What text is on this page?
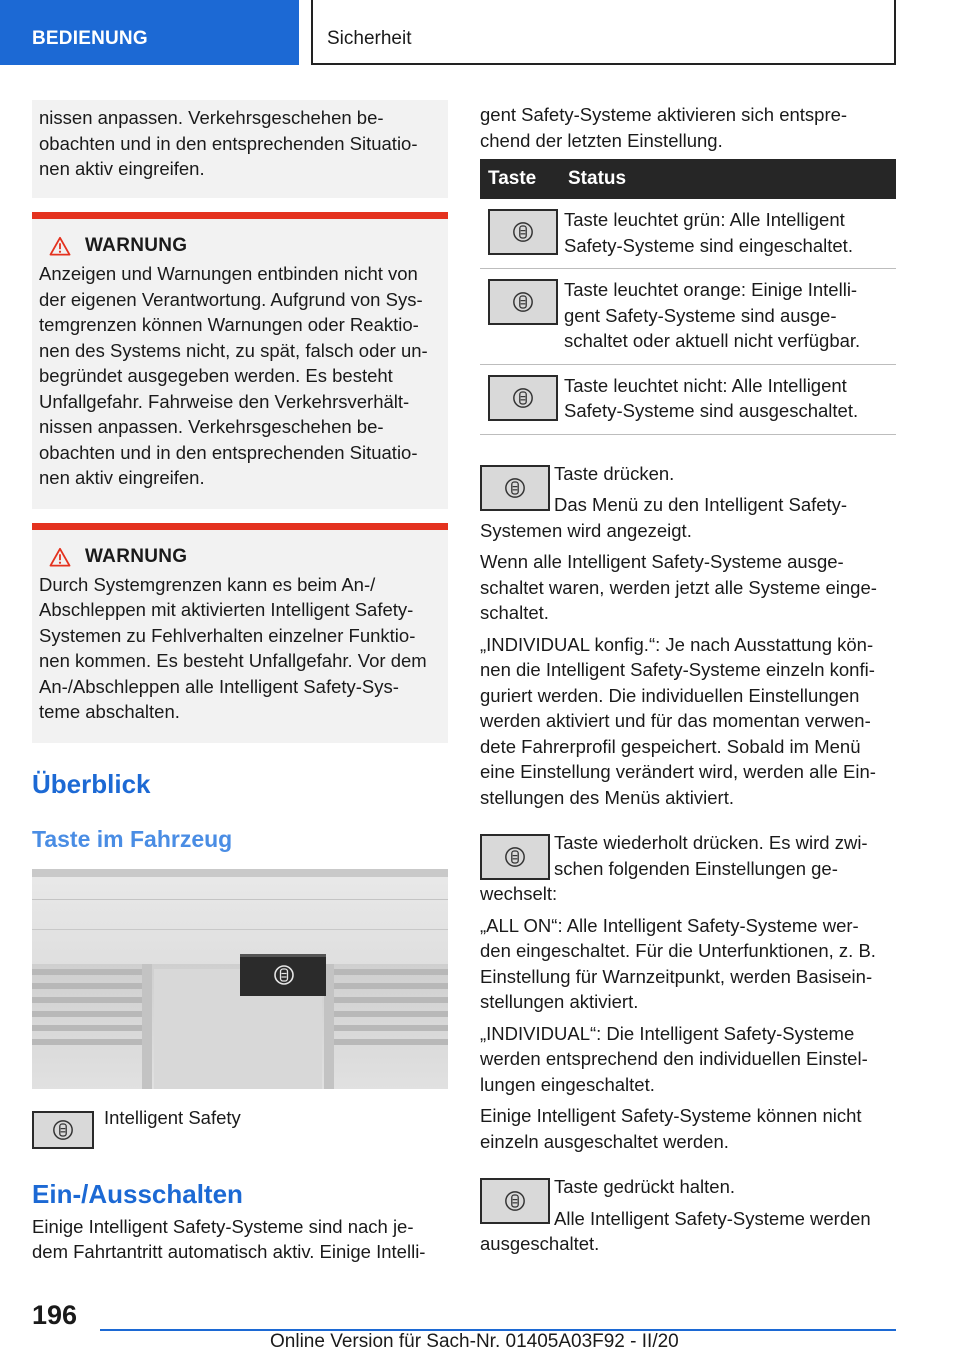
BEDIENUNG	Sicherheit

nissen anpassen. Verkehrsgeschehen be-

obachten und in den entsprechenden Situatio-

nen aktiv eingreifen.

WARNUNG

Anzeigen und Warnungen entbinden nicht von

der eigenen Verantwortung. Aufgrund von Sys-

temgrenzen können Warnungen oder Reaktio-

nen des Systems nicht, zu spät, falsch oder un-

begründet ausgegeben werden. Es besteht

Unfallgefahr. Fahrweise den Verkehrsverhält-

nissen anpassen. Verkehrsgeschehen be-

obachten und in den entsprechenden Situatio-

nen aktiv eingreifen.

WARNUNG

Durch Systemgrenzen kann es beim An-/

Abschleppen mit aktivierten Intelligent Safety-

Systemen zu Fehlverhalten einzelner Funktio-

nen kommen. Es besteht Unfallgefahr. Vor dem

An-/Abschleppen alle Intelligent Safety-Sys-

teme abschalten.

Überblick
Taste im Fahrzeug

Intelligent Safety

Ein-/Ausschalten

Einige Intelligent Safety-Systeme sind nach je-

dem Fahrtantritt automatisch aktiv. Einige Intelli-

gent Safety-Systeme aktivieren sich entspre-

chend der letzten Einstellung.

Taste	Status

Taste leuchtet grün: Alle Intelligent
Safety-Systeme sind eingeschaltet.

Taste leuchtet orange: Einige Intelli-
gent Safety-Systeme sind ausge-
schaltet oder aktuell nicht verfügbar.

Taste leuchtet nicht: Alle Intelligent
Safety-Systeme sind ausgeschaltet.

Taste drücken.

Das Menü zu den Intelligent Safety-

Systemen wird angezeigt.

Wenn alle Intelligent Safety-Systeme ausge-

schaltet waren, werden jetzt alle Systeme einge-

schaltet.

„INDIVIDUAL konfig.“: Je nach Ausstattung kön-

nen die Intelligent Safety-Systeme einzeln konfi-

guriert werden. Die individuellen Einstellungen

werden aktiviert und für das momentan verwen-

dete Fahrerprofil gespeichert. Sobald im Menü

eine Einstellung verändert wird, werden alle Ein-

stellungen des Menüs aktiviert.

Taste wiederholt drücken. Es wird zwi-

schen folgenden Einstellungen ge-

wechselt:

„ALL ON“: Alle Intelligent Safety-Systeme wer-

den eingeschaltet. Für die Unterfunktionen, z. B.

Einstellung für Warnzeitpunkt, werden Basisein-

stellungen aktiviert.

„INDIVIDUAL“: Die Intelligent Safety-Systeme

werden entsprechend den individuellen Einstel-

lungen eingeschaltet.

Einige Intelligent Safety-Systeme können nicht

einzeln ausgeschaltet werden.

Taste gedrückt halten.

Alle Intelligent Safety-Systeme werden

ausgeschaltet.

196
Online Version für Sach-Nr. 01405A03F92 - II/20
